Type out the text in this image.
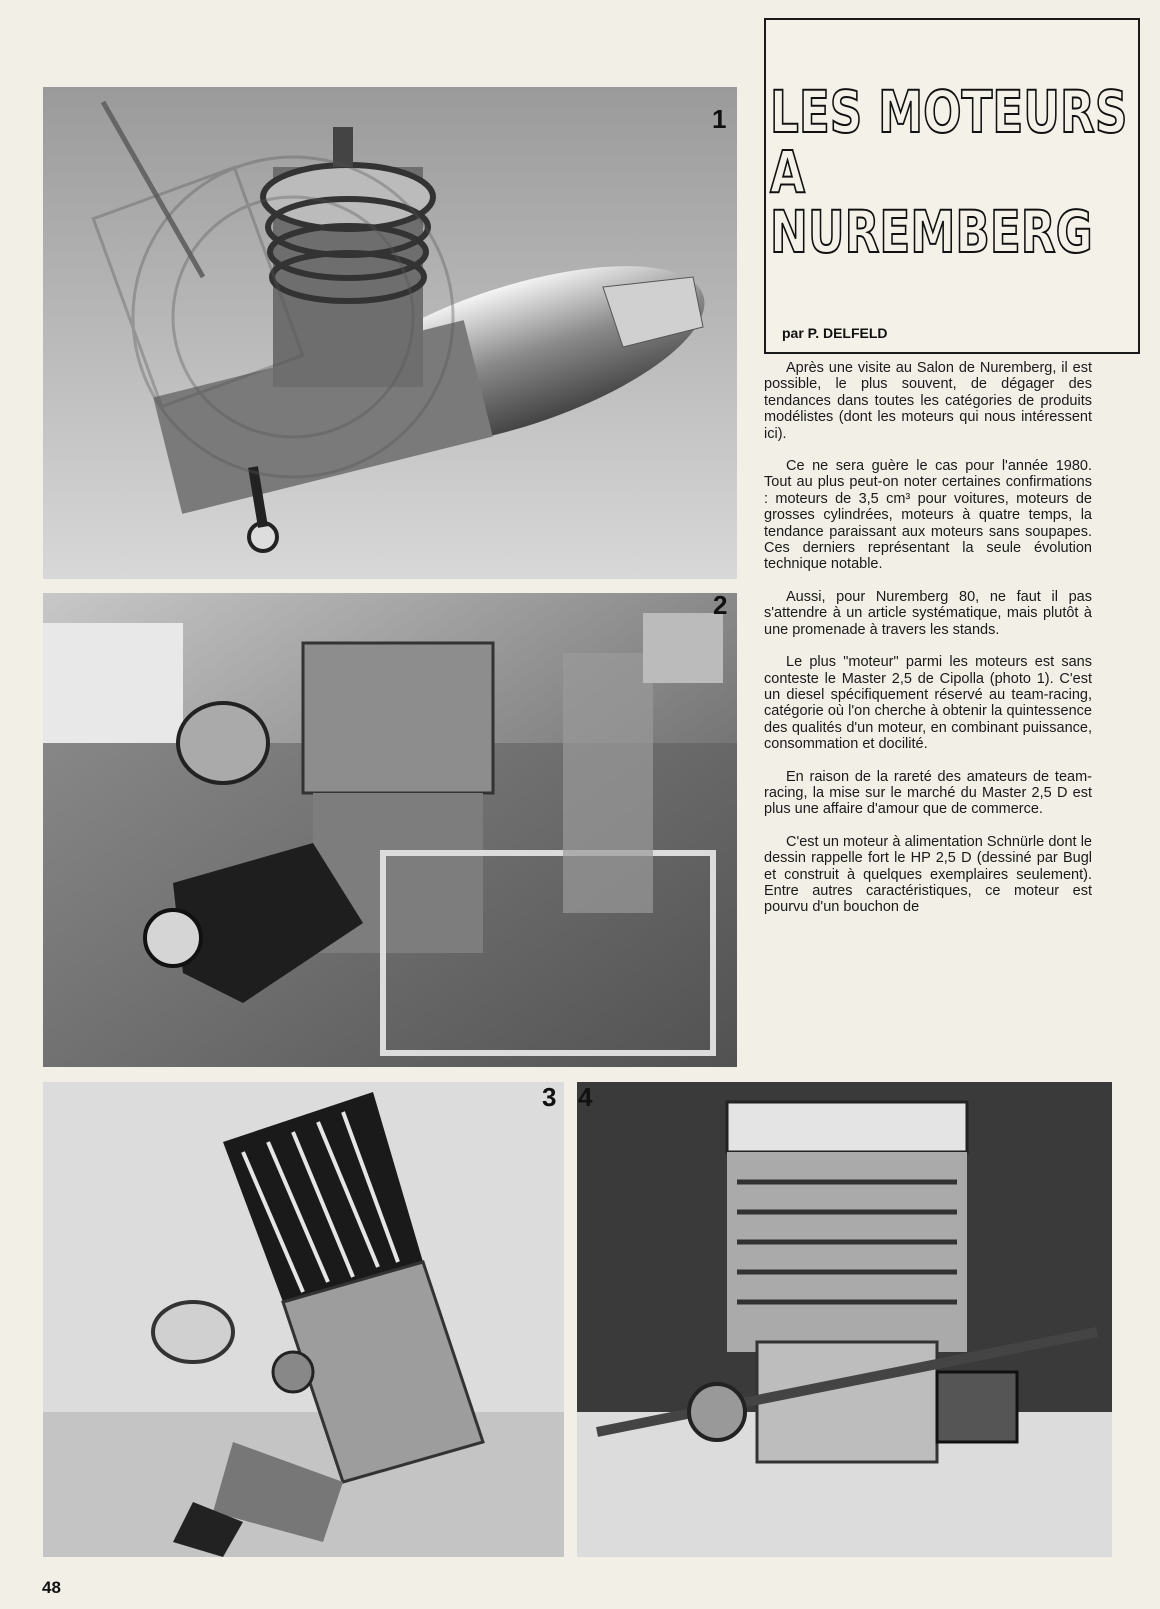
1
2
3 4
LES MOTEURS
A
NUREMBERG
par P. DELFELD

Après une visite au Salon de Nuremberg, il est possible, le plus souvent, de dégager des tendances dans toutes les catégories de produits modélistes (dont les moteurs qui nous intéressent ici).

Ce ne sera guère le cas pour l'année 1980. Tout au plus peut-on noter certaines confirmations : moteurs de 3,5 cm³ pour voitures, moteurs de grosses cylindrées, moteurs à quatre temps, la tendance paraissant aux moteurs sans soupapes. Ces derniers représentant la seule évolution technique notable.

Aussi, pour Nuremberg 80, ne faut il pas s'attendre à un article systématique, mais plutôt à une promenade à travers les stands.

Le plus "moteur" parmi les moteurs est sans conteste le Master 2,5 de Cipolla (photo 1). C'est un diesel spécifiquement réservé au team-racing, catégorie où l'on cherche à obtenir la quintessence des qualités d'un moteur, en combinant puissance, consommation et docilité.

En raison de la rareté des amateurs de team-racing, la mise sur le marché du Master 2,5 D est plus une affaire d'amour que de commerce.

C'est un moteur à alimentation Schnürle dont le dessin rappelle fort le HP 2,5 D (dessiné par Bugl et construit à quelques exemplaires seulement). Entre autres caractéristiques, ce moteur est pourvu d'un bouchon de

48
